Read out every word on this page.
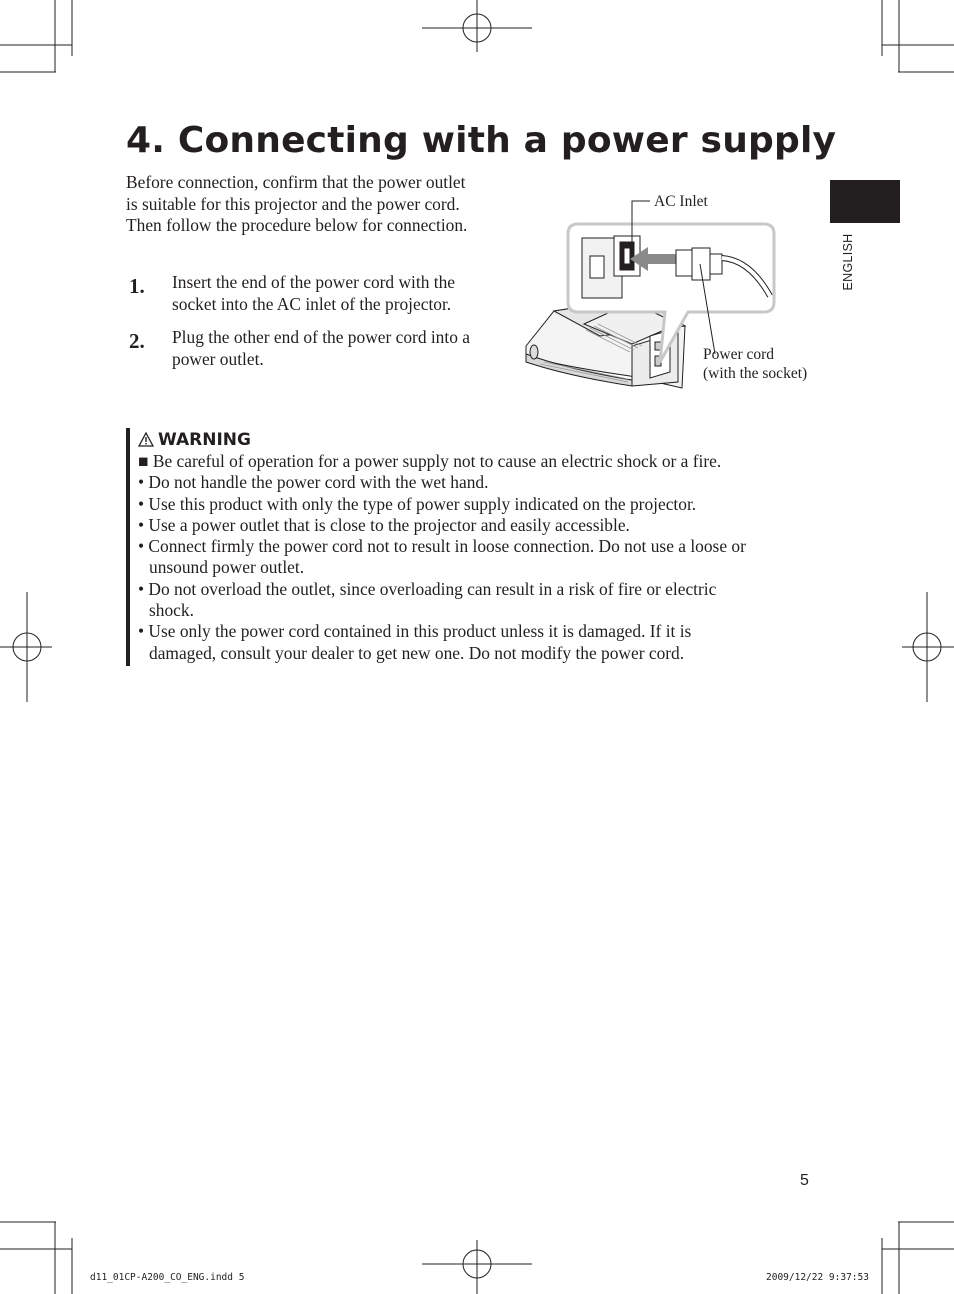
4. Connecting with a power supply
Before connection, confirm that the power outlet
is suitable for this projector and the power cord.
Then follow the procedure below for connection.
1. Insert the end of the power cord with the
socket into the AC inlet of the projector.
2. Plug the other end of the power cord into a
power outlet.
AC Inlet
Power cord
(with the socket)
ENGLISH
WARNING
■ Be careful of operation for a power supply not to cause an electric shock or a fire.
• Do not handle the power cord with the wet hand.
• Use this product with only the type of power supply indicated on the projector.
• Use a power outlet that is close to the projector and easily accessible.
• Connect firmly the power cord not to result in loose connection. Do not use a loose or
unsound power outlet.
• Do not overload the outlet, since overloading can result in a risk of fire or electric
shock.
• Use only the power cord contained in this product unless it is damaged. If it is
damaged, consult your dealer to get new one. Do not modify the power cord.
5
d11_01CP-A200_CO_ENG.indd 5	2009/12/22 9:37:53
